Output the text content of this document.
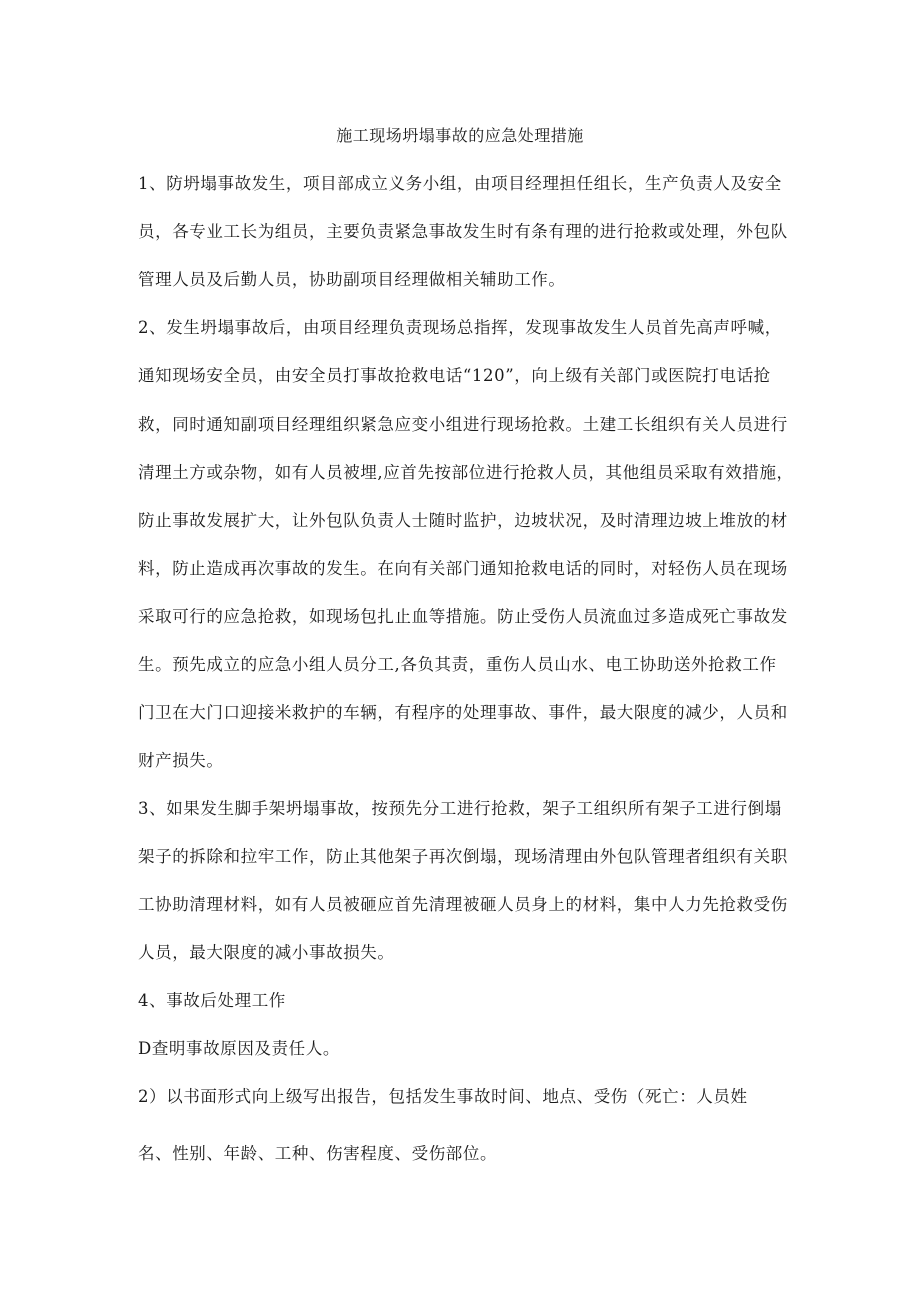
施工现场坍塌事故的应急处理措施
1、防坍塌事故发生，项目部成立义务小组，由项目经理担任组长，生产负责人及安全
员，各专业工长为组员，主要负责紧急事故发生时有条有理的进行抢救或处理，外包队
管理人员及后勤人员，协助副项目经理做相关辅助工作。
2、发生坍塌事故后，由项目经理负责现场总指挥，发现事故发生人员首先高声呼喊，
通知现场安全员，由安全员打事故抢救电话“120”，向上级有关部门或医院打电话抢
救，同时通知副项目经理组织紧急应变小组进行现场抢救。土建工长组织有关人员进行
清理土方或杂物，如有人员被埋,应首先按部位进行抢救人员，其他组员采取有效措施，
防止事故发展扩大，让外包队负责人士随时监护，边坡状况，及时清理边坡上堆放的材
料，防止造成再次事故的发生。在向有关部门通知抢救电话的同时，对轻伤人员在现场
采取可行的应急抢救，如现场包扎止血等措施。防止受伤人员流血过多造成死亡事故发
生。预先成立的应急小组人员分工,各负其责，重伤人员山水、电工协助送外抢救工作
门卫在大门口迎接米救护的车辆，有程序的处理事故、事件，最大限度的减少，人员和
财产损失。
3、如果发生脚手架坍塌事故，按预先分工进行抢救，架子工组织所有架子工进行倒塌
架子的拆除和拉牢工作，防止其他架子再次倒塌，现场清理由外包队管理者组织有关职
工协助清理材料，如有人员被砸应首先清理被砸人员身上的材料，集中人力先抢救受伤
人员，最大限度的减小事故损失。
4、事故后处理工作
D查明事故原因及责任人。
2）以书面形式向上级写出报告，包括发生事故时间、地点、受伤（死亡：人员姓
名、性别、年龄、工种、伤害程度、受伤部位。
